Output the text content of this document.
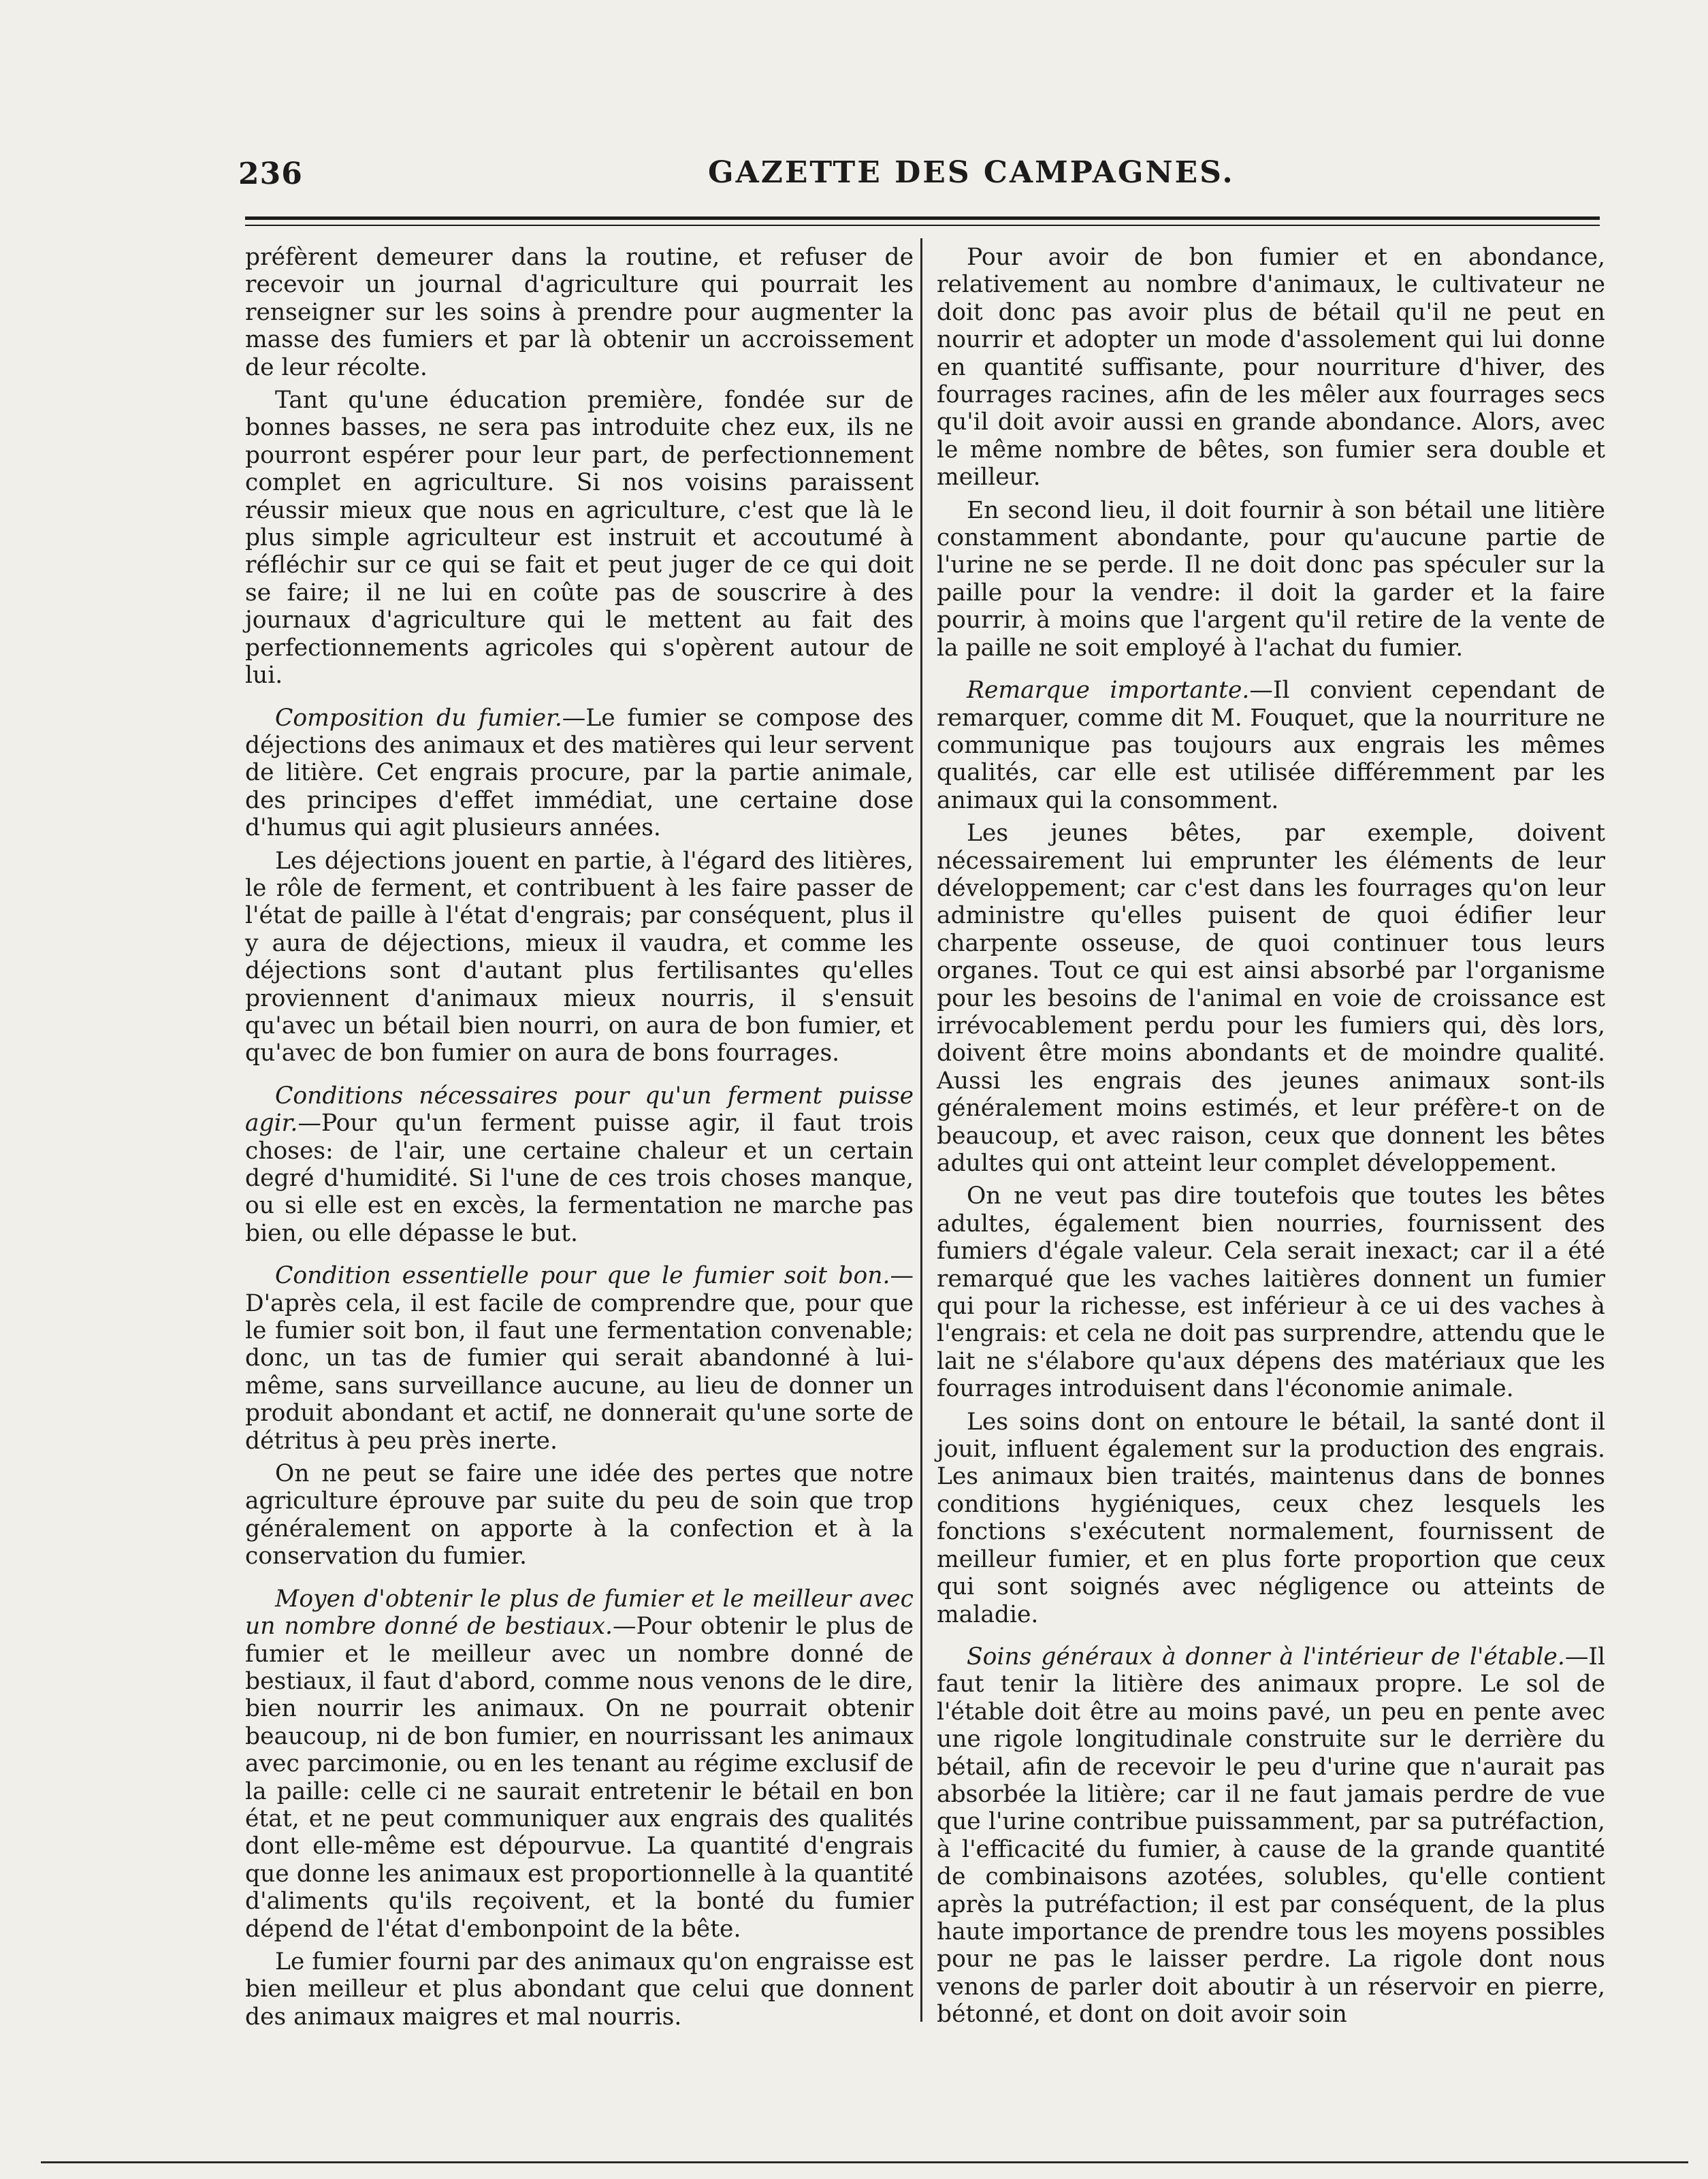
236	GAZETTE DES CAMPAGNES.

préfèrent demeurer dans la routine, et refuser de recevoir un journal d'agriculture qui pourrait les renseigner sur les soins à prendre pour augmenter la masse des fumiers et par là obtenir un accroissement de leur récolte.

Tant qu'une éducation première, fondée sur de bonnes basses, ne sera pas introduite chez eux, ils ne pourront espérer pour leur part, de perfectionnement complet en agriculture. Si nos voisins paraissent réussir mieux que nous en agriculture, c'est que là le plus simple agriculteur est instruit et accoutumé à réfléchir sur ce qui se fait et peut juger de ce qui doit se faire; il ne lui en coûte pas de souscrire à des journaux d'agriculture qui le mettent au fait des perfectionnements agricoles qui s'opèrent autour de lui.

Composition du fumier.—Le fumier se compose des déjections des animaux et des matières qui leur servent de litière. Cet engrais procure, par la partie animale, des principes d'effet immédiat, une certaine dose d'humus qui agit plusieurs années.

Les déjections jouent en partie, à l'égard des litières, le rôle de ferment, et contribuent à les faire passer de l'état de paille à l'état d'engrais; par conséquent, plus il y aura de déjections, mieux il vaudra, et comme les déjections sont d'autant plus fertilisantes qu'elles proviennent d'animaux mieux nourris, il s'ensuit qu'avec un bétail bien nourri, on aura de bon fumier, et qu'avec de bon fumier on aura de bons fourrages.

Conditions nécessaires pour qu'un ferment puisse agir.—Pour qu'un ferment puisse agir, il faut trois choses: de l'air, une certaine chaleur et un certain degré d'humidité. Si l'une de ces trois choses manque, ou si elle est en excès, la fermentation ne marche pas bien, ou elle dépasse le but.

Condition essentielle pour que le fumier soit bon.—D'après cela, il est facile de comprendre que, pour que le fumier soit bon, il faut une fermentation convenable; donc, un tas de fumier qui serait abandonné à lui-même, sans surveillance aucune, au lieu de donner un produit abondant et actif, ne donnerait qu'une sorte de détritus à peu près inerte.

On ne peut se faire une idée des pertes que notre agriculture éprouve par suite du peu de soin que trop généralement on apporte à la confection et à la conservation du fumier.

Moyen d'obtenir le plus de fumier et le meilleur avec un nombre donné de bestiaux.—Pour obtenir le plus de fumier et le meilleur avec un nombre donné de bestiaux, il faut d'abord, comme nous venons de le dire, bien nourrir les animaux. On ne pourrait obtenir beaucoup, ni de bon fumier, en nourrissant les animaux avec parcimonie, ou en les tenant au régime exclusif de la paille: celle ci ne saurait entretenir le bétail en bon état, et ne peut communiquer aux engrais des qualités dont elle-même est dépourvue. La quantité d'engrais que donne les animaux est proportionnelle à la quantité d'aliments qu'ils reçoivent, et la bonté du fumier dépend de l'état d'embonpoint de la bête.

Le fumier fourni par des animaux qu'on engraisse est bien meilleur et plus abondant que celui que donnent des animaux maigres et mal nourris.

Pour avoir de bon fumier et en abondance, relativement au nombre d'animaux, le cultivateur ne doit donc pas avoir plus de bétail qu'il ne peut en nourrir et adopter un mode d'assolement qui lui donne en quantité suffisante, pour nourriture d'hiver, des fourrages racines, afin de les mêler aux fourrages secs qu'il doit avoir aussi en grande abondance. Alors, avec le même nombre de bêtes, son fumier sera double et meilleur.

En second lieu, il doit fournir à son bétail une litière constamment abondante, pour qu'aucune partie de l'urine ne se perde. Il ne doit donc pas spéculer sur la paille pour la vendre: il doit la garder et la faire pourrir, à moins que l'argent qu'il retire de la vente de la paille ne soit employé à l'achat du fumier.

Remarque importante.—Il convient cependant de remarquer, comme dit M. Fouquet, que la nourriture ne communique pas toujours aux engrais les mêmes qualités, car elle est utilisée différemment par les animaux qui la consomment.

Les jeunes bêtes, par exemple, doivent nécessairement lui emprunter les éléments de leur développement; car c'est dans les fourrages qu'on leur administre qu'elles puisent de quoi édifier leur charpente osseuse, de quoi continuer tous leurs organes. Tout ce qui est ainsi absorbé par l'organisme pour les besoins de l'animal en voie de croissance est irrévocablement perdu pour les fumiers qui, dès lors, doivent être moins abondants et de moindre qualité. Aussi les engrais des jeunes animaux sont-ils généralement moins estimés, et leur préfère-t on de beaucoup, et avec raison, ceux que donnent les bêtes adultes qui ont atteint leur complet développement.

On ne veut pas dire toutefois que toutes les bêtes adultes, également bien nourries, fournissent des fumiers d'égale valeur. Cela serait inexact; car il a été remarqué que les vaches laitières donnent un fumier qui pour la richesse, est inférieur à ce ui des vaches à l'engrais: et cela ne doit pas surprendre, attendu que le lait ne s'élabore qu'aux dépens des matériaux que les fourrages introduisent dans l'économie animale.

Les soins dont on entoure le bétail, la santé dont il jouit, influent également sur la production des engrais. Les animaux bien traités, maintenus dans de bonnes conditions hygiéniques, ceux chez lesquels les fonctions s'exécutent normalement, fournissent de meilleur fumier, et en plus forte proportion que ceux qui sont soignés avec négligence ou atteints de maladie.

Soins généraux à donner à l'intérieur de l'étable.—Il faut tenir la litière des animaux propre. Le sol de l'étable doit être au moins pavé, un peu en pente avec une rigole longitudinale construite sur le derrière du bétail, afin de recevoir le peu d'urine que n'aurait pas absorbée la litière; car il ne faut jamais perdre de vue que l'urine contribue puissamment, par sa putréfaction, à l'efficacité du fumier, à cause de la grande quantité de combinaisons azotées, solubles, qu'elle contient après la putréfaction; il est par conséquent, de la plus haute importance de prendre tous les moyens possibles pour ne pas le laisser perdre. La rigole dont nous venons de parler doit aboutir à un réservoir en pierre, bétonné, et dont on doit avoir soin
